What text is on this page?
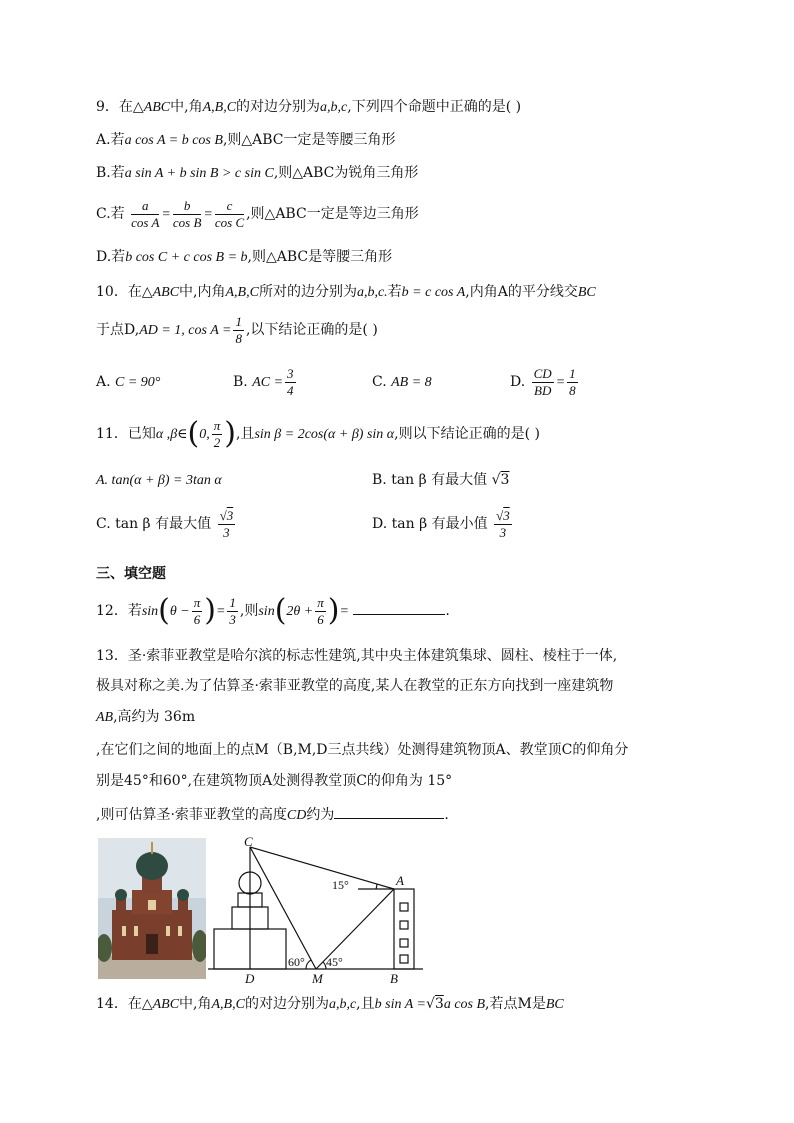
9．在△ABC中,角A,B,C的对边分别为a,b,c,下列四个命题中正确的是( )
A.若a cos A = b cos B,则△ABC一定是等腰三角形
B.若a sin A + b sin B > c sin C,则△ABC为锐角三角形
C.若 $\frac{a}{\text{cos A}} = \frac{b}{\text{cos B}} = \frac{c}{\text{cos C}}$ ,则△ABC一定是等边三角形
D.若b cos C + c cos B = b,则△ABC是等腰三角形
10．在△ABC中,内角A,B,C所对的边分别为a,b,c.若b = c cos A,内角A的平分线交BC
于点D,AD = 1, $\cos A = \frac{1}{8}$ ,以下结论正确的是( )
A. C = 90°	B. AC = $\frac{3}{4}$	C. AB = 8	D. $\frac{CD}{BD} = \frac{1}{8}$
11．已知α ,β∈(0, $\frac{\pi}{2}$ ),且sin β = 2cos(α + β) sin α,则以下结论正确的是( )
A. tan(α + β) = 3tan α	B. tan β 有最大值 √3
C. tan β 有最大值 $\frac{√3}{3}$	D. tan β 有最小值 $\frac{√3}{3}$
三、填空题
12．若$\sin(\theta - \frac{\pi}{6}$ )= $\frac{1}{3}$ ,则$\sin(2\theta + \frac{\pi}{6}$ )=	.
13．圣·索菲亚教堂是哈尔滨的标志性建筑,其中央主体建筑集球、圆柱、棱柱于一体,
极具对称之美.为了估算圣·索菲亚教堂的高度,某人在教堂的正东方向找到一座建筑物
AB,高约为 36m
,在它们之间的地面上的点M（B,M,D三点共线）处测得建筑物顶A、教堂顶C的仰角分
别是45°和60°,在建筑物顶A处测得教堂顶C的仰角为 15°
,则可估算圣·索菲亚教堂的高度CD约为	.
C
A
D	M	B
15°
60° 45°
14．在△ABC中,角A,B,C的对边分别为a,b,c,且b sin A =√3a cos B,若点M是BC
